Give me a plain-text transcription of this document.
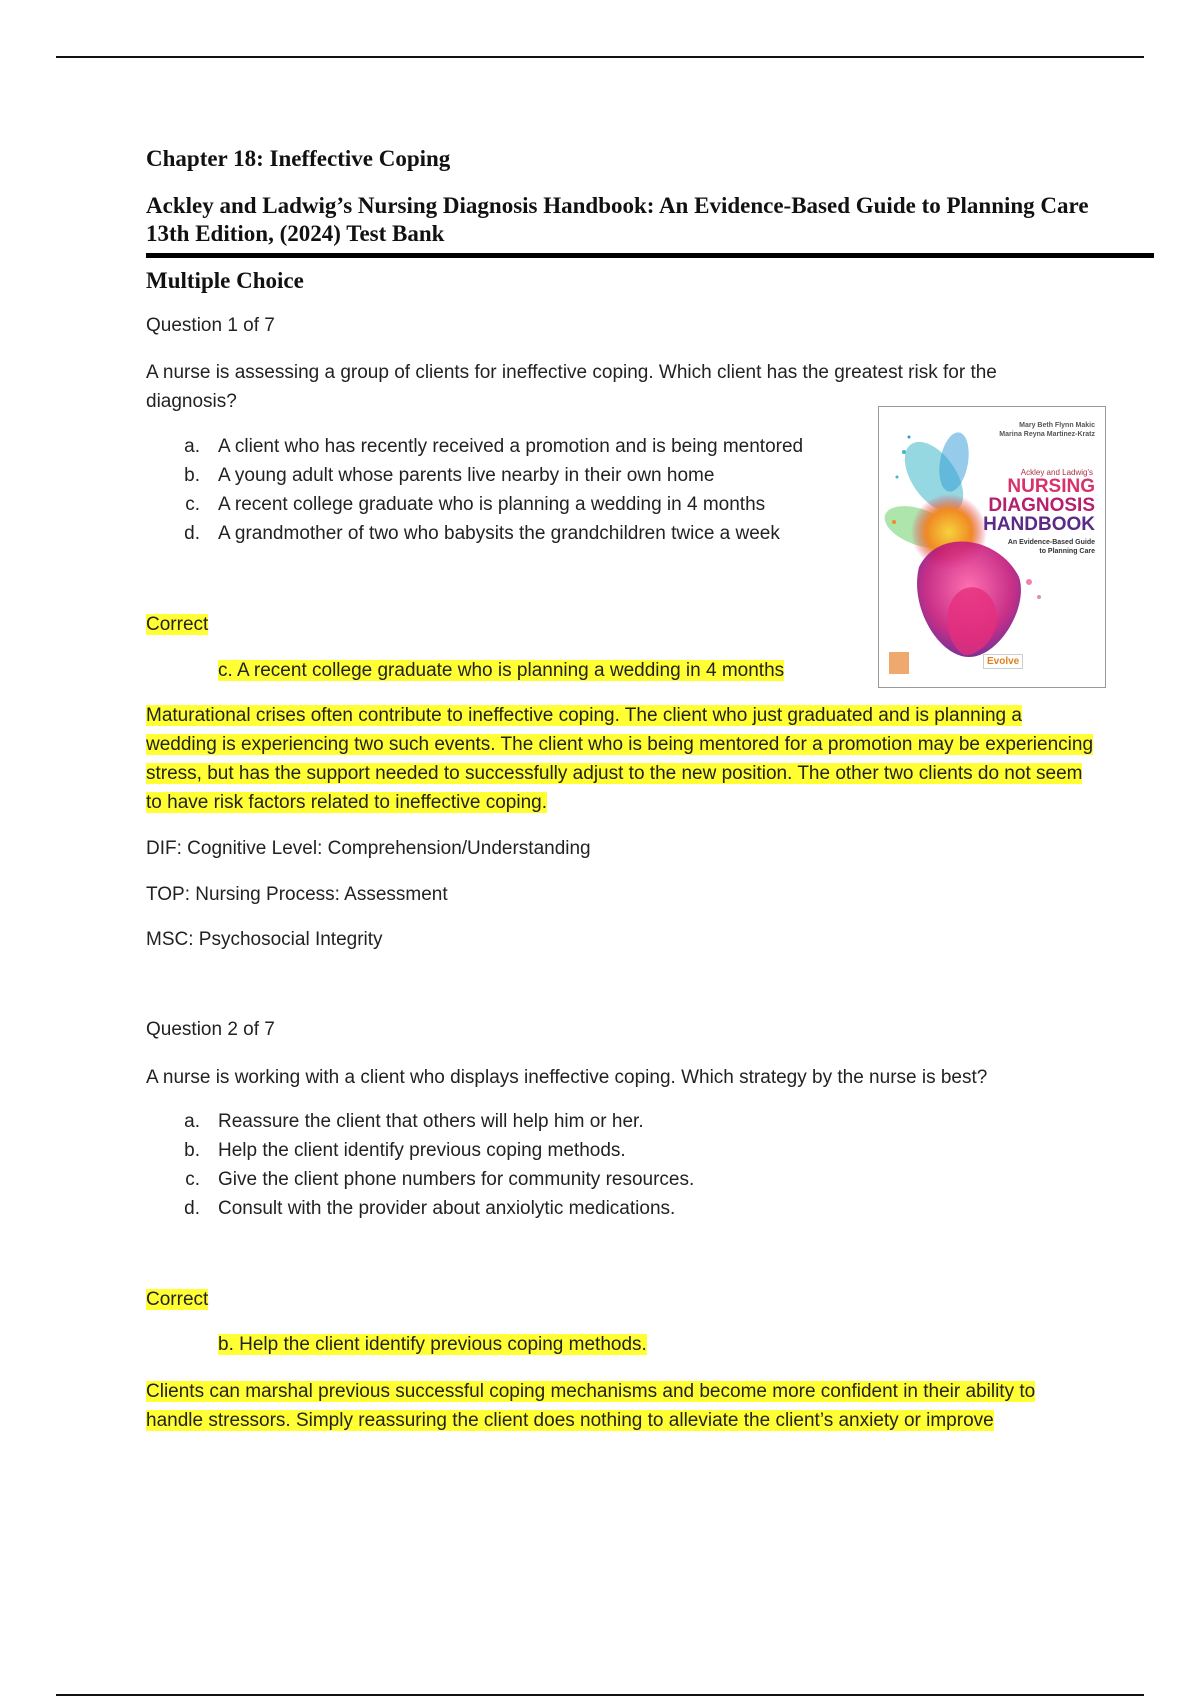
Chapter 18: Ineffective Coping
Ackley and Ladwig’s Nursing Diagnosis Handbook: An Evidence-Based Guide to Planning Care 13th Edition, (2024) Test Bank
Multiple Choice
Question 1 of 7
A nurse is assessing a group of clients for ineffective coping. Which client has the greatest risk for the diagnosis?
a. A client who has recently received a promotion and is being mentored
b. A young adult whose parents live nearby in their own home
c. A recent college graduate who is planning a wedding in 4 months
d. A grandmother of two who babysits the grandchildren twice a week
Correct
c. A recent college graduate who is planning a wedding in 4 months
Maturational crises often contribute to ineffective coping. The client who just graduated and is planning a wedding is experiencing two such events. The client who is being mentored for a promotion may be experiencing stress, but has the support needed to successfully adjust to the new position. The other two clients do not seem to have risk factors related to ineffective coping.
DIF: Cognitive Level: Comprehension/Understanding
TOP: Nursing Process: Assessment
MSC: Psychosocial Integrity
Mary Beth Flynn Makic
Marina Reyna Martinez-Kratz
Ackley and Ladwig's
NURSING
DIAGNOSIS
HANDBOOK
An Evidence-Based Guide
to Planning Care
Evolve
Question 2 of 7
A nurse is working with a client who displays ineffective coping. Which strategy by the nurse is best?
a. Reassure the client that others will help him or her.
b. Help the client identify previous coping methods.
c. Give the client phone numbers for community resources.
d. Consult with the provider about anxiolytic medications.
Correct
b. Help the client identify previous coping methods.
Clients can marshal previous successful coping mechanisms and become more confident in their ability to handle stressors. Simply reassuring the client does nothing to alleviate the client’s anxiety or improve
